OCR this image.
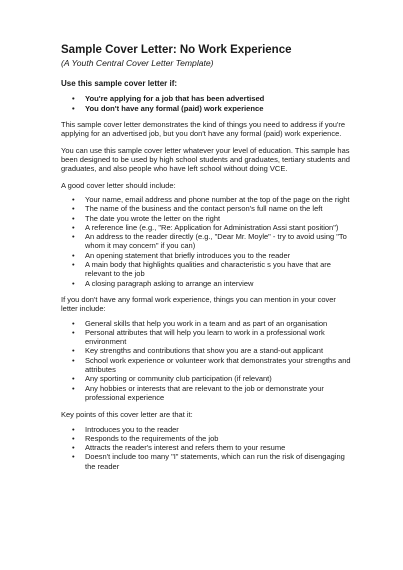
Sample Cover Letter: No Work Experience
(A Youth Central Cover Letter Template)
Use this sample cover letter if:
• You're applying for a job that has been advertised
• You don't have any formal (paid) work experience

This sample cover letter demonstrates the kind of things you need to address if you're applying for an advertised job, but you don't have any formal (paid) work experience.

You can use this sample cover letter whatever your level of education. This sample has been designed to be used by high school students and graduates, tertiary students and graduates, and also people who have left school without doing VCE.

A good cover letter should include:

• Your name, email address and phone number at the top of the page on the right
• The name of the business and the contact person's full name on the left
• The date you wrote the letter on the right
• A reference line (e.g., "Re: Application for Administration Assi stant position")
• An address to the reader directly (e.g., "Dear Mr. Moyle" - try to avoid using "To whom it may concern" if you can)
• An opening statement that briefly introduces you to the reader
• A main body that highlights qualities and characteristic s you have that are relevant to the job
• A closing paragraph asking to arrange an interview

If you don't have any formal work experience, things you can mention in your cover letter include:

• General skills that help you work in a team and as part of an organisation
• Personal attributes that will help you learn to work in a professional work environment
• Key strengths and contributions that show you are a stand-out applicant
• School work experience or volunteer work that demonstrates your strengths and attributes
• Any sporting or community club participation (if relevant)
• Any hobbies or interests that are relevant to the job or demonstrate your professional experience

Key points of this cover letter are that it:

• Introduces you to the reader
• Responds to the requirements of the job
• Attracts the reader's interest and refers them to your resume
• Doesn't include too many "I" statements, which can run the risk of disengaging the reader
